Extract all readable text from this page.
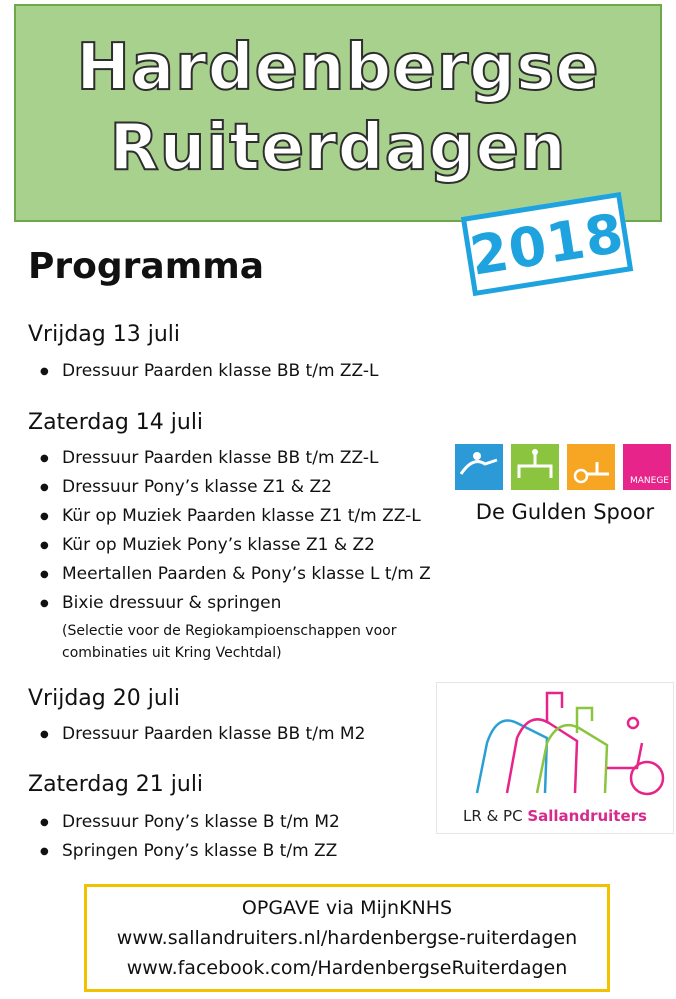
Hardenbergse
Ruiterdagen
2018
Programma
Vrijdag 13 juli
● Dressuur Paarden klasse BB t/m ZZ-L
Zaterdag 14 juli
● Dressuur Paarden klasse BB t/m ZZ-L
● Dressuur Pony’s klasse Z1 & Z2
● Kür op Muziek Paarden klasse Z1 t/m ZZ-L
● Kür op Muziek Pony’s klasse Z1 & Z2
● Meertallen Paarden & Pony’s klasse L t/m Z
● Bixie dressuur & springen
(Selectie voor de Regiokampioenschappen voor combinaties uit Kring Vechtdal)
Vrijdag 20 juli
● Dressuur Paarden klasse BB t/m M2
Zaterdag 21 juli
● Dressuur Pony’s klasse B t/m M2
● Springen Pony’s klasse B t/m ZZ
MANEGE
De Gulden Spoor
LR & PC Sallandruiters
OPGAVE via MijnKNHS
www.sallandruiters.nl/hardenbergse-ruiterdagen
www.facebook.com/HardenbergseRuiterdagen
